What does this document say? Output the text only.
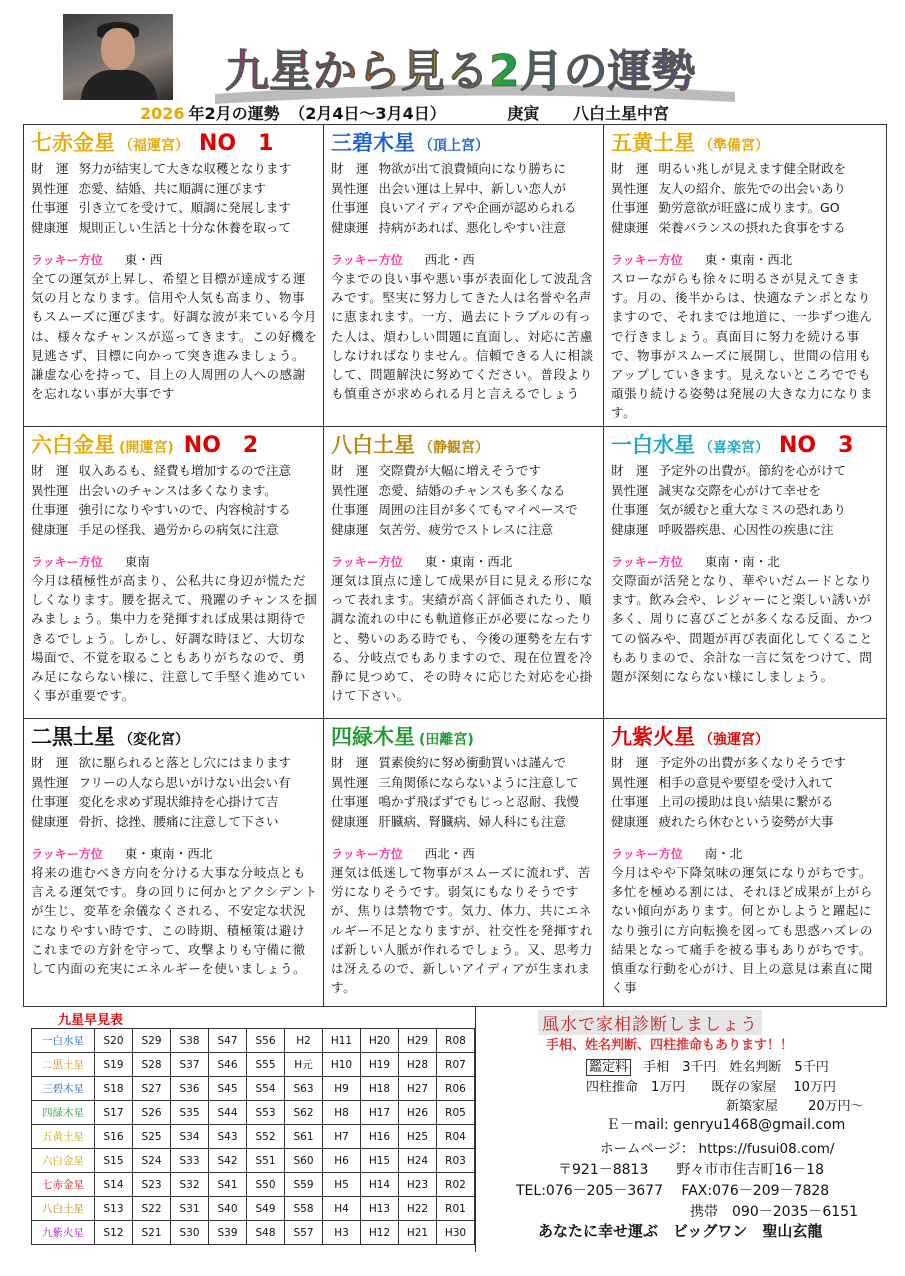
九星から見る2月の運勢
2026 年2月の運勢 （2月4日～3月4日）	庚寅 八白土星中宮
七赤金星 （福運宮） NO　1
財　運 努力が結実して大きな収穫となります
異性運 恋愛、結婚、共に順調に運びます
仕事運 引き立てを受けて、順調に発展します
健康運 規則正しい生活と十分な休養を取って
ラッキー方位 東・西
全ての運気が上昇し、希望と目標が達成する運気の月となります。信用や人気も高まり、物事もスムーズに運びます。好調な波が来ている今月は、様々なチャンスが巡ってきます。この好機を見逃さず、目標に向かって突き進みましょう。謙虚な心を持って、目上の人周囲の人への感謝を忘れない事が大事です
三碧木星 （頂上宮）
財　運 物欲が出て浪費傾向になり勝ちに
異性運 出会い運は上昇中、新しい恋人が
仕事運 良いアイディアや企画が認められる
健康運 持病があれば、悪化しやすい注意
ラッキー方位 西北・西
今までの良い事や悪い事が表面化して波乱含みです。堅実に努力してきた人は名誉や名声に恵まれます。一方、過去にトラブルの有った人は、煩わしい問題に直面し、対応に苦慮しなければなりません。信頼できる人に相談して、問題解決に努めてください。普段よりも慎重さが求められる月と言えるでしょう
五黄土星 （準備宮）
財　運 明るい兆しが見えます健全財政を
異性運 友人の紹介、旅先での出会いあり
仕事運 勤労意欲が旺盛に成ります。GO
健康運 栄養バランスの摂れた食事をする
ラッキー方位 東・東南・西北
スローながらも徐々に明るさが見えてきます。月の、後半からは、快適なテンポとなりますので、それまでは地道に、一歩ずつ進んで行きましょう。真面目に努力を続ける事で、物事がスムーズに展開し、世間の信用もアップしていきます。見えないところででも頑張り続ける姿勢は発展の大きな力になります。
六白金星 (開運宮) NO　2
財　運 収入あるも、経費も増加するので注意
異性運 出会いのチャンスは多くなります。
仕事運 強引になりやすいので、内容検討する
健康運 手足の怪我、過労からの病気に注意
ラッキー方位 東南
今月は積極性が高まり、公私共に身辺が慌ただしくなります。腰を据えて、飛躍のチャンスを掴みましょう。集中力を発揮すれば成果は期待できるでしょう。しかし、好調な時ほど、大切な場面で、不覚を取ることもありがちなので、勇み足にならない様に、注意して手堅く進めていく事が重要です。
八白土星 （静観宮）
財　運 交際費が大幅に増えそうです
異性運 恋愛、結婚のチャンスも多くなる
仕事運 周囲の注目が多くてもマイペースで
健康運 気苦労、疲労でストレスに注意
ラッキー方位 東・東南・西北
運気は頂点に達して成果が目に見える形になって表れます。実績が高く評価されたり、順調な流れの中にも軌道修正が必要になったりと、勢いのある時でも、今後の運勢を左右する、分岐点でもありますので、現在位置を冷静に見つめて、その時々に応じた対応を心掛けて下さい。
一白水星 （喜楽宮） NO　3
財　運 予定外の出費が。節約を心がけて
異性運 誠実な交際を心がけて幸せを
仕事運 気が緩むと重大なミスの恐れあり
健康運 呼吸器疾患、心因性の疾患に注
ラッキー方位 東南・南・北
交際面が活発となり、華やいだムードとなります。飲み会や、レジャーにと楽しい誘いが多く、周りに喜びごとが多くなる反面、かつての悩みや、問題が再び表面化してくることもありまので、余計な一言に気をつけて、問題が深刻にならない様にしましょう。
二黒土星 （変化宮）
財　運 欲に駆られると落とし穴にはまります
異性運 フリーの人なら思いがけない出会い有
仕事運 変化を求めず現状維持を心掛けて吉
健康運 骨折、捻挫、腰痛に注意して下さい
ラッキー方位 東・東南・西北
将来の進むべき方向を分ける大事な分岐点とも言える運気です。身の回りに何かとアクシデントが生じ、変革を余儀なくされる、不安定な状況になりやすい時です、この時期、積極策は避けこれまでの方針を守って、攻撃よりも守備に徹して内面の充実にエネルギーを使いましょう。
四緑木星 (田離宮)
財　運 質素倹約に努め衝動買いは謹んで
異性運 三角関係にならないように注意して
仕事運 鳴かず飛ばずでもじっと忍耐、我慢
健康運 肝臓病、腎臓病、婦人科にも注意
ラッキー方位 西北・西
運気は低迷して物事がスムーズに流れず、苦労になりそうです。弱気にもなりそうですが、焦りは禁物です。気力、体力、共にエネルギー不足となりますが、社交性を発揮すれば新しい人脈が作れるでしょう。又、思考力は冴えるので、新しいアイディアが生まれます。
九紫火星 （強運宮）
財　運 予定外の出費が多くなりそうです
異性運 相手の意見や要望を受け入れて
仕事運 上司の援助は良い結果に繋がる
健康運 疲れたら休むという姿勢が大事
ラッキー方位 南・北
今月はやや下降気味の運気になりがちです。多忙を極める割には、それほど成果が上がらない傾向があります。何とかしようと躍起になり強引に方向転換を図っても思惑ハズレの結果となって痛手を被る事もありがちです。慎重な行動を心がけ、目上の意見は素直に聞く事
九星早見表
一白水星	S20	S29	S38	S47	S56	H2	H11	H20	H29	R08
二黒土星	S19	S28	S37	S46	S55	H元	H10	H19	H28	R07
三碧木星	S18	S27	S36	S45	S54	S63	H9	H18	H27	R06
四緑木星	S17	S26	S35	S44	S53	S62	H8	H17	H26	R05
五黄土星	S16	S25	S34	S43	S52	S61	H7	H16	H25	R04
六白金星	S15	S24	S33	S42	S51	S60	H6	H15	H24	R03
七赤金星	S14	S23	S32	S41	S50	S59	H5	H14	H23	R02
八白土星	S13	S22	S31	S40	S49	S58	H4	H13	H22	R01
九紫火星	S12	S21	S30	S39	S48	S57	H3	H12	H21	H30
風水で家相診断しましょう
手相、姓名判断、四柱推命もあります！！
鑑定料 手相　3千円　姓名判断　5千円
四柱推命　1万円　　既存の家屋　 10万円
新築家屋　　 20万円～
Ｅ－mail: genryu1468@gmail.com
ホームページ： https://fusui08.com/
〒921－8813　　野々市市住吉町16－18
TEL:076－205－3677　 FAX:076－209－7828
携帯　090－2035－6151
あなたに幸せ運ぶ　ビッグワン　聖山玄龍
